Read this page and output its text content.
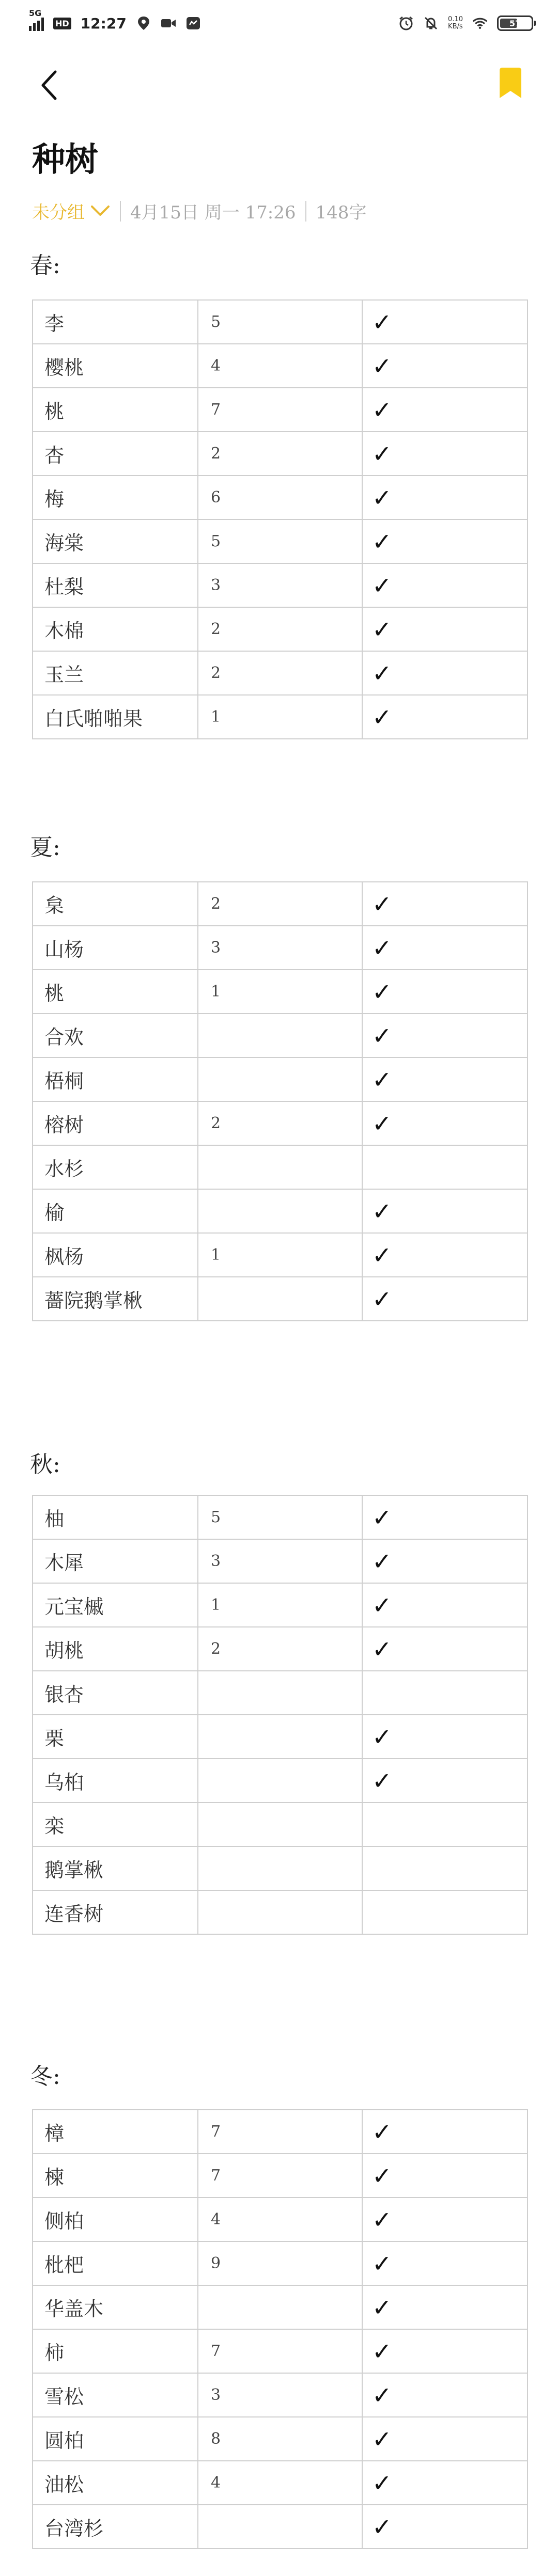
5G
HD 12:27	0.10
KB/s	57
种树
未分组	4月15日 周一 17:26 148字
春:
李	5	✓
樱桃	4	✓
桃	7	✓
杏	2	✓
梅	6	✓
海棠	5	✓
杜梨	3	✓
木棉	2	✓
玉兰	2	✓
白氏啪啪果	1	✓
夏:
枲	2	✓
山杨	3	✓
桃	1	✓
合欢		✓
梧桐		✓
榕树	2	✓
水杉		
榆		✓
枫杨	1	✓
薔院鹅掌楸		✓
秋:
柚	5	✓
木犀	3	✓
元宝槭	1	✓
胡桃	2	✓
银杏		
栗		✓
乌桕		✓
栾		
鹅掌楸		
连香树		
冬:
樟	7	✓
楝	7	✓
侧柏	4	✓
枇杷	9	✓
华盖木		✓
柿	7	✓
雪松	3	✓
圆柏	8	✓
油松	4	✓
台湾杉		✓
